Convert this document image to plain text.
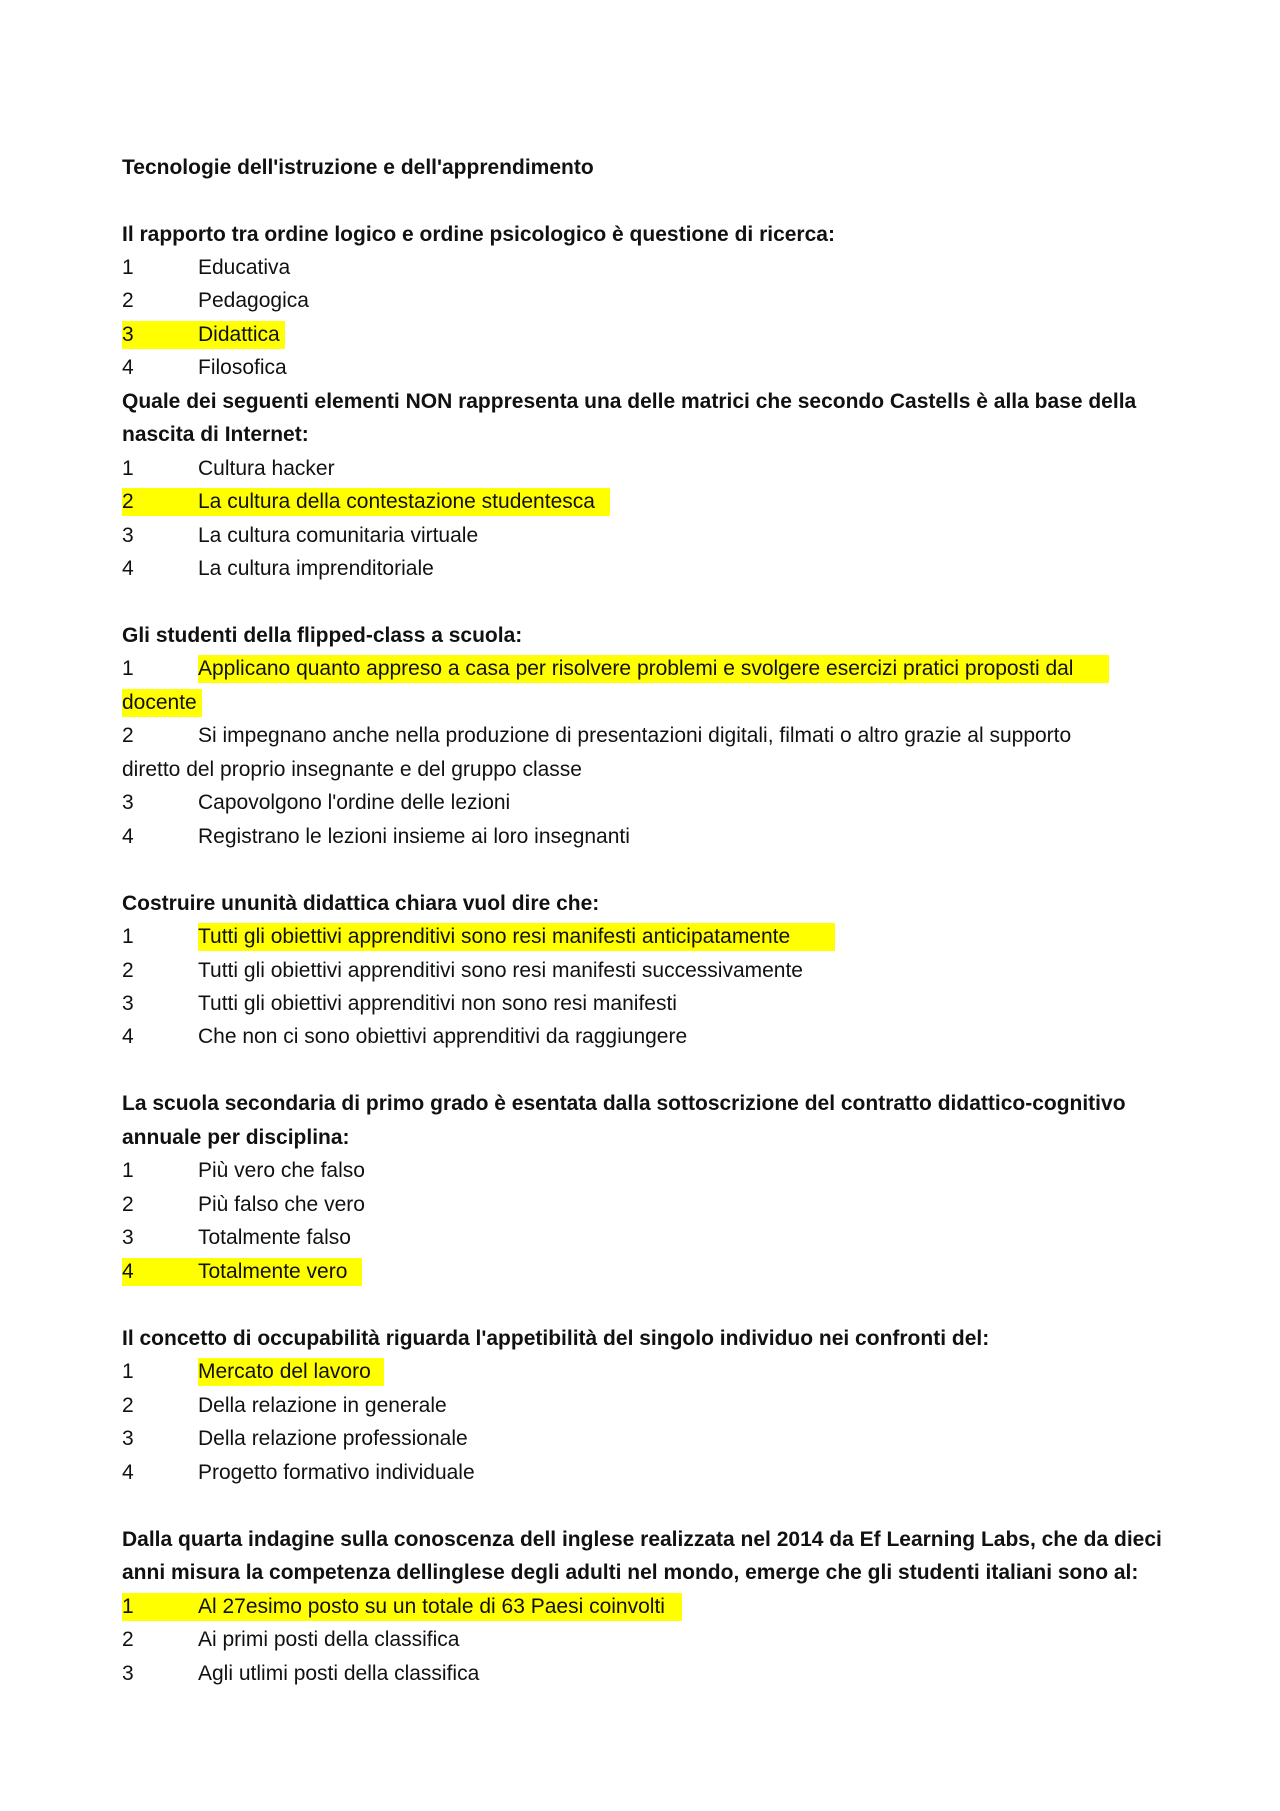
Tecnologie dell'istruzione e dell'apprendimento
Il rapporto tra ordine logico e ordine psicologico è questione di ricerca:
1	Educativa
2	Pedagogica
3	Didattica
4	Filosofica
Quale dei seguenti elementi NON rappresenta una delle matrici che secondo Castells è alla base della
nascita di Internet:
1	Cultura hacker
2	La cultura della contestazione studentesca
3	La cultura comunitaria virtuale
4	La cultura imprenditoriale
Gli studenti della flipped-class a scuola:
1	Applicano quanto appreso a casa per risolvere problemi e svolgere esercizi pratici proposti dal
docente
2	Si impegnano anche nella produzione di presentazioni digitali, filmati o altro grazie al supporto
diretto del proprio insegnante e del gruppo classe
3	Capovolgono l'ordine delle lezioni
4	Registrano le lezioni insieme ai loro insegnanti
Costruire ununità didattica chiara vuol dire che:
1	Tutti gli obiettivi apprenditivi sono resi manifesti anticipatamente
2	Tutti gli obiettivi apprenditivi sono resi manifesti successivamente
3	Tutti gli obiettivi apprenditivi non sono resi manifesti
4	Che non ci sono obiettivi apprenditivi da raggiungere
La scuola secondaria di primo grado è esentata dalla sottoscrizione del contratto didattico-cognitivo
annuale per disciplina:
1	Più vero che falso
2	Più falso che vero
3	Totalmente falso
4	Totalmente vero
Il concetto di occupabilità riguarda l'appetibilità del singolo individuo nei confronti del:
1	Mercato del lavoro
2	Della relazione in generale
3	Della relazione professionale
4	Progetto formativo individuale
Dalla quarta indagine sulla conoscenza dell inglese realizzata nel 2014 da Ef Learning Labs, che da dieci
anni misura la competenza dellinglese degli adulti nel mondo, emerge che gli studenti italiani sono al:
1	Al 27esimo posto su un totale di 63 Paesi coinvolti
2	Ai primi posti della classifica
3	Agli utlimi posti della classifica
